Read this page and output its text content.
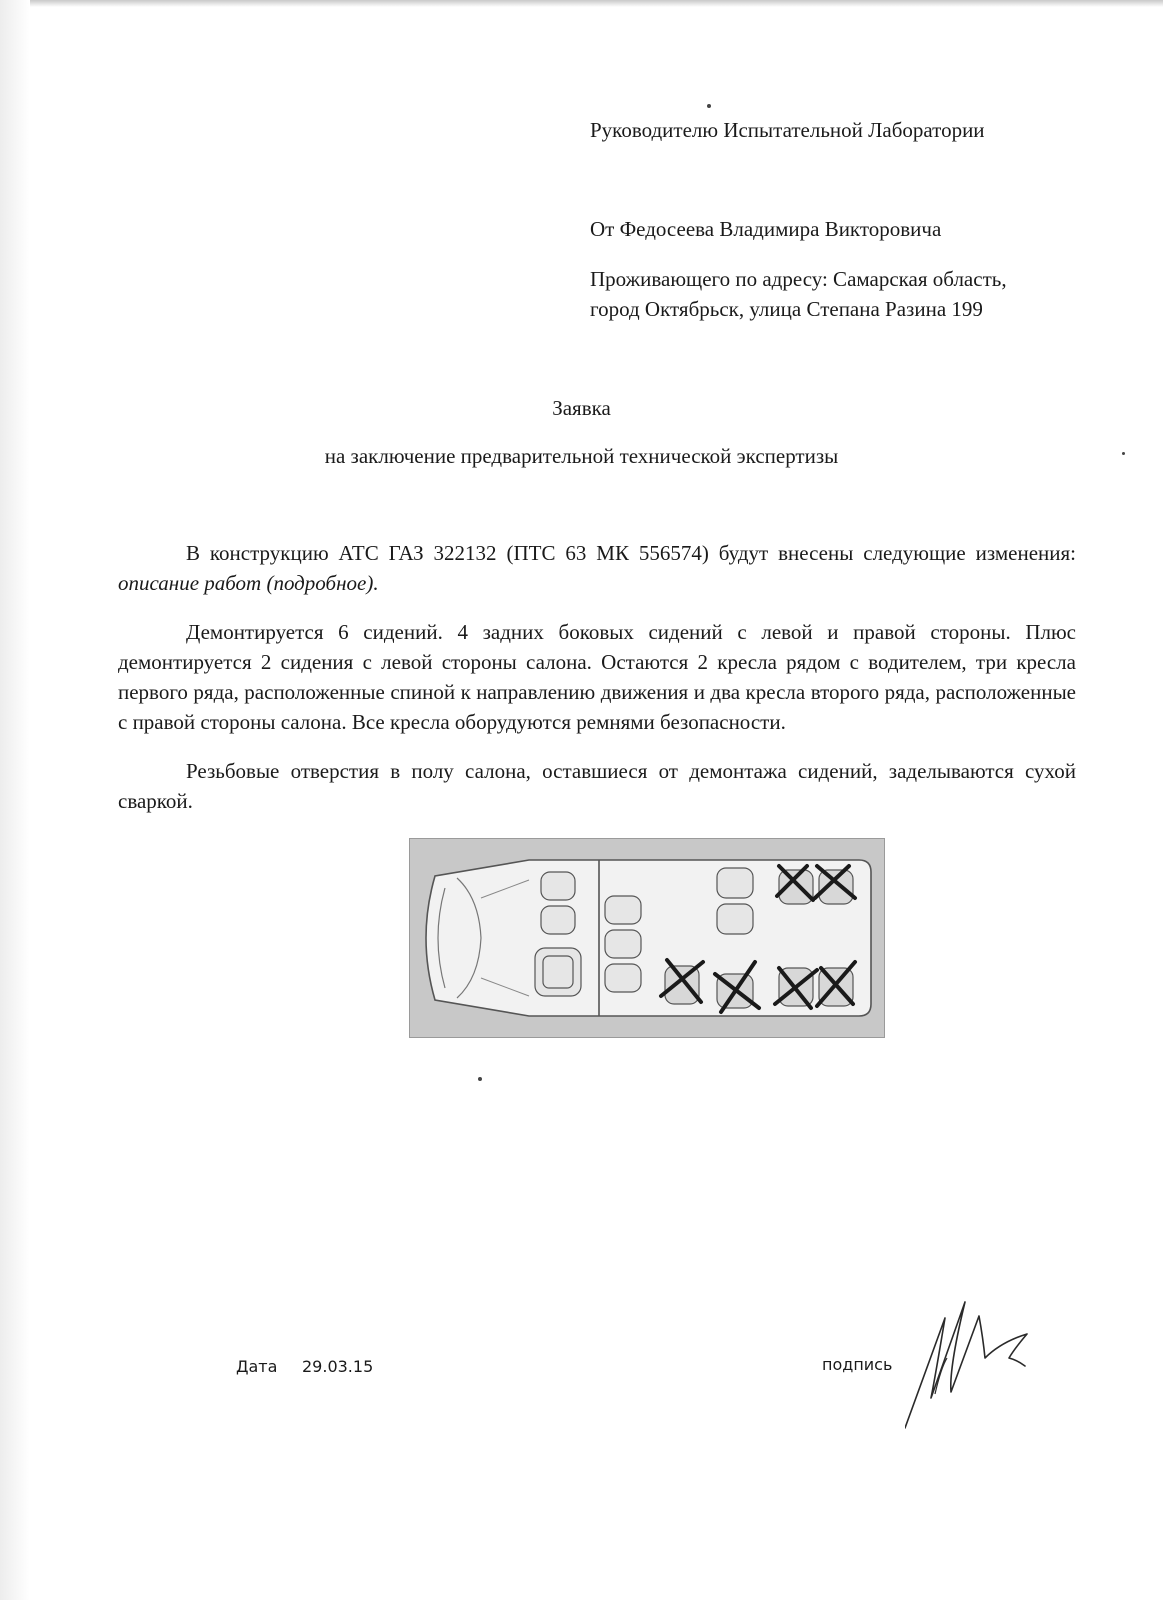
Руководителю Испытательной Лаборатории
От Федосеева Владимира Викторовича
Проживающего по адресу: Самарская область,
город Октябрьск, улица Степана Разина 199
Заявка
на заключение предварительной технической экспертизы

В конструкцию АТС ГАЗ 322132 (ПТС 63 МК 556574) будут внесены следующие изменения: описание работ (подробное).

Демонтируется 6 сидений. 4 задних боковых сидений с левой и правой стороны. Плюс демонтируется 2 сидения с левой стороны салона. Остаются 2 кресла рядом с водителем, три кресла первого ряда, расположенные спиной к направлению движения и два кресла второго ряда, расположенные с правой стороны салона. Все кресла оборудуются ремнями безопасности.

Резьбовые отверстия в полу салона, оставшиеся от демонтажа сидений, заделываются сухой сваркой.

Дата 29.03.15	подпись
